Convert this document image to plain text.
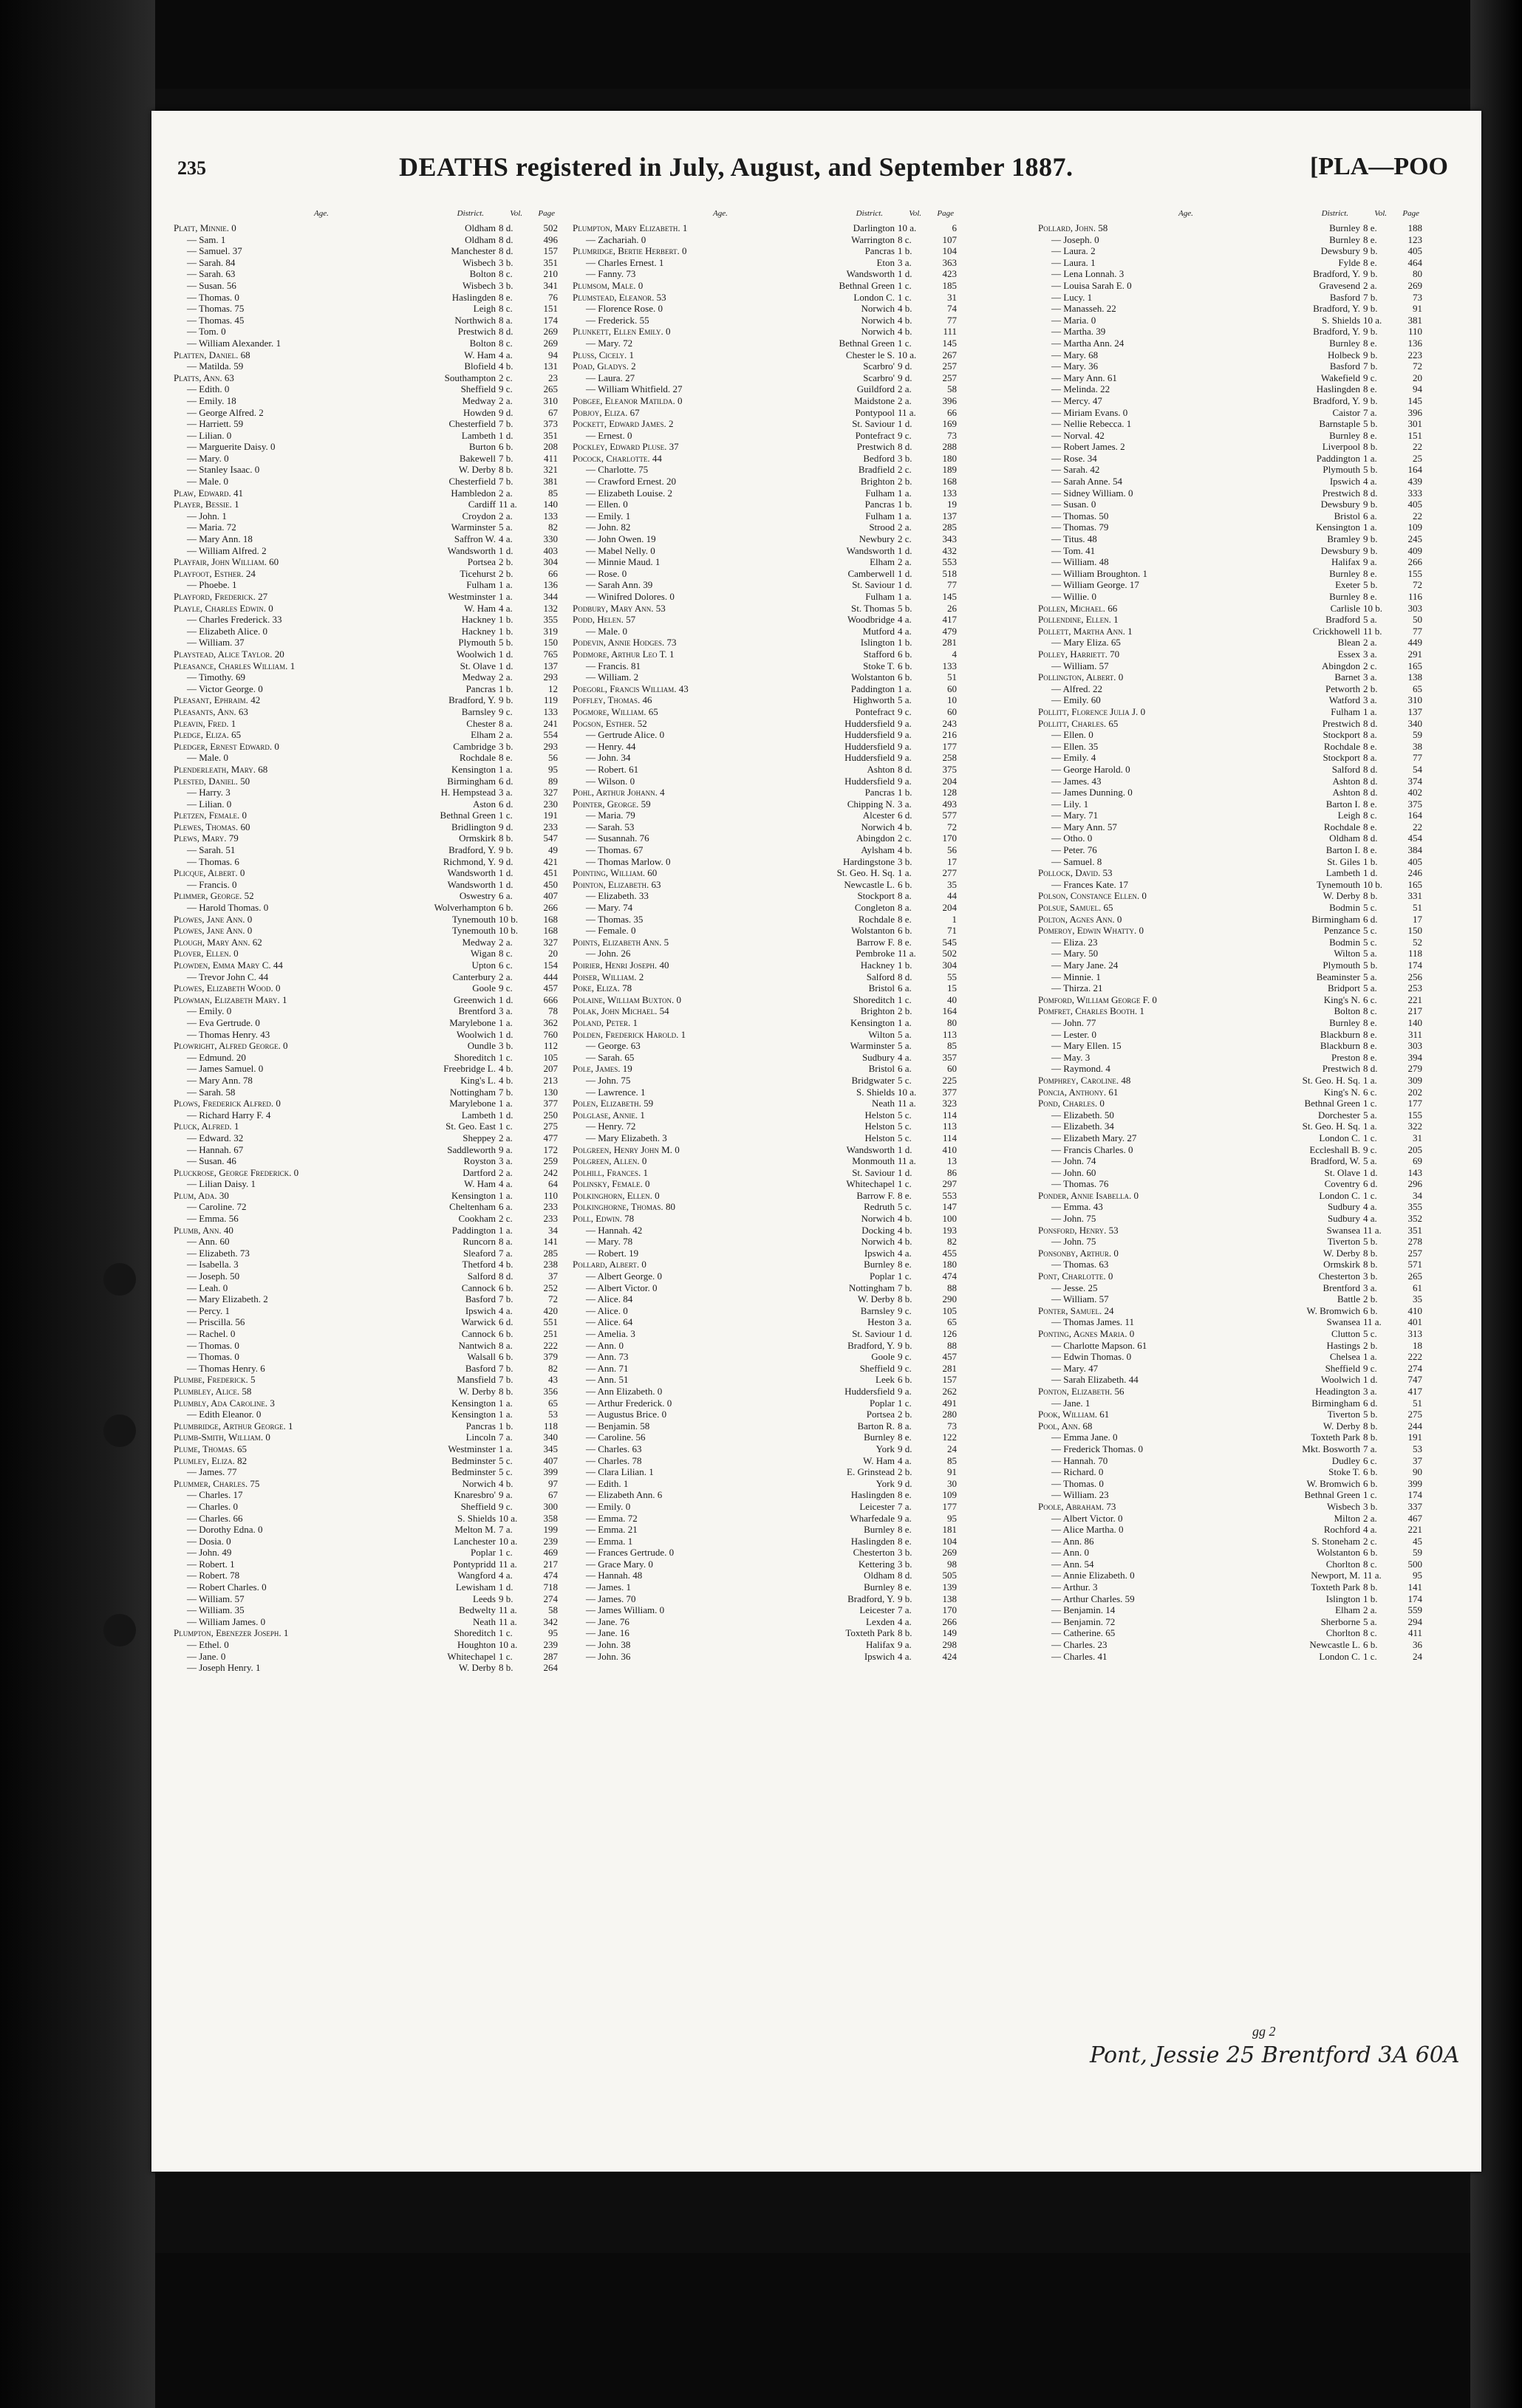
235	DEATHS registered in July, August, and September 1887.	[PLA—POO
Age.	District.	Vol. Page
Platt, Minnie. 0	Oldham 8 d.	502
— Sam. 1	Oldham 8 d.	496
— Samuel. 37	Manchester 8 d.	157
— Sarah. 84	Wisbech 3 b.	351
— Sarah. 63	Bolton 8 c.	210
— Susan. 56	Wisbech 3 b.	341
— Thomas. 0	Haslingden 8 e.	76
— Thomas. 75	Leigh 8 c.	151
— Thomas. 45	Northwich 8 a.	174
— Tom. 0	Prestwich 8 d.	269
— William Alexander. 1	Bolton 8 c.	269
Platten, Daniel. 68	W. Ham 4 a.	94
— Matilda. 59	Blofield 4 b.	131
Platts, Ann. 63	Southampton 2 c.	23
— Edith. 0	Sheffield 9 c.	265
— Emily. 18	Medway 2 a.	310
— George Alfred. 2	Howden 9 d.	67
— Harriett. 59	Chesterfield 7 b.	373
— Lilian. 0	Lambeth 1 d.	351
— Marguerite Daisy. 0	Burton 6 b.	208
— Mary. 0	Bakewell 7 b.	411
— Stanley Isaac. 0	W. Derby 8 b.	321
— Male. 0	Chesterfield 7 b.	381
Plaw, Edward. 41	Hambledon 2 a.	85
Player, Bessie. 1	Cardiff 11 a.	140
— John. 1	Croydon 2 a.	133
— Maria. 72	Warminster 5 a.	82
— Mary Ann. 18	Saffron W. 4 a.	330
— William Alfred. 2	Wandsworth 1 d.	403
Playfair, John William. 60	Portsea 2 b.	304
Playfoot, Esther. 24	Ticehurst 2 b.	66
— Phoebe. 1	Fulham 1 a.	136
Playford, Frederick. 27	Westminster 1 a.	344
Playle, Charles Edwin. 0	W. Ham 4 a.	132
— Charles Frederick. 33	Hackney 1 b.	355
— Elizabeth Alice. 0	Hackney 1 b.	319
— William. 37	Plymouth 5 b.	150
Playstead, Alice Taylor. 20	Woolwich 1 d.	765
Pleasance, Charles William. 1	St. Olave 1 d.	137
— Timothy. 69	Medway 2 a.	293
— Victor George. 0	Pancras 1 b.	12
Pleasant, Ephraim. 42	Bradford, Y. 9 b.	119
Pleasants, Ann. 63	Barnsley 9 c.	133
Pleavin, Fred. 1	Chester 8 a.	241
Pledge, Eliza. 65	Elham 2 a.	554
Pledger, Ernest Edward. 0	Cambridge 3 b.	293
— Male. 0	Rochdale 8 e.	56
Plenderleath, Mary. 68	Kensington 1 a.	95
Plested, Daniel. 50	Birmingham 6 d.	89
— Harry. 3	H. Hempstead 3 a.	327
— Lilian. 0	Aston 6 d.	230
Pletzen, Female. 0	Bethnal Green 1 c.	191
Plewes, Thomas. 60	Bridlington 9 d.	233
Plews, Mary. 79	Ormskirk 8 b.	547
— Sarah. 51	Bradford, Y. 9 b.	49
— Thomas. 6	Richmond, Y. 9 d.	421
Plicque, Albert. 0	Wandsworth 1 d.	451
— Francis. 0	Wandsworth 1 d.	450
Plimmer, George. 52	Oswestry 6 a.	407
— Harold Thomas. 0	Wolverhampton 6 b.	266
Plowes, Jane Ann. 0	Tynemouth 10 b.	168
Plowes, Jane Ann. 0	Tynemouth 10 b.	168
Plough, Mary Ann. 62	Medway 2 a.	327
Plover, Ellen. 0	Wigan 8 c.	20
Plowden, Emma Mary C. 44	Upton 6 c.	154
— Trevor John C. 44	Canterbury 2 a.	444
Plowes, Elizabeth Wood. 0	Goole 9 c.	457
Plowman, Elizabeth Mary. 1	Greenwich 1 d.	666
— Emily. 0	Brentford 3 a.	78
— Eva Gertrude. 0	Marylebone 1 a.	362
— Thomas Henry. 43	Woolwich 1 d.	760
Plowright, Alfred George. 0	Oundle 3 b.	112
— Edmund. 20	Shoreditch 1 c.	105
— James Samuel. 0	Freebridge L. 4 b.	207
— Mary Ann. 78	King's L. 4 b.	213
— Sarah. 58	Nottingham 7 b.	130
Plows, Frederick Alfred. 0	Marylebone 1 a.	377
— Richard Harry F. 4	Lambeth 1 d.	250
Pluck, Alfred. 1	St. Geo. East 1 c.	275
— Edward. 32	Sheppey 2 a.	477
— Hannah. 67	Saddleworth 9 a.	172
— Susan. 46	Royston 3 a.	259
Pluckrose, George Frederick. 0	Dartford 2 a.	242
— Lilian Daisy. 1	W. Ham 4 a.	64
Plum, Ada. 30	Kensington 1 a.	110
— Caroline. 72	Cheltenham 6 a.	233
— Emma. 56	Cookham 2 c.	233
Plumb, Ann. 40	Paddington 1 a.	34
— Ann. 60	Runcorn 8 a.	141
— Elizabeth. 73	Sleaford 7 a.	285
— Isabella. 3	Thetford 4 b.	238
— Joseph. 50	Salford 8 d.	37
— Leah. 0	Cannock 6 b.	252
— Mary Elizabeth. 2	Basford 7 b.	72
— Percy. 1	Ipswich 4 a.	420
— Priscilla. 56	Warwick 6 d.	551
— Rachel. 0	Cannock 6 b.	251
— Thomas. 0	Nantwich 8 a.	222
— Thomas. 0	Walsall 6 b.	379
— Thomas Henry. 6	Basford 7 b.	82
Plumbe, Frederick. 5	Mansfield 7 b.	43
Plumbley, Alice. 58	W. Derby 8 b.	356
Plumbly, Ada Caroline. 3	Kensington 1 a.	65
— Edith Eleanor. 0	Kensington 1 a.	53
Plumbridge, Arthur George. 1	Pancras 1 b.	118
Plumb-Smith, William. 0	Lincoln 7 a.	340
Plume, Thomas. 65	Westminster 1 a.	345
Plumley, Eliza. 82	Bedminster 5 c.	407
— James. 77	Bedminster 5 c.	399
Plummer, Charles. 75	Norwich 4 b.	97
— Charles. 17	Knaresbro' 9 a.	67
— Charles. 0	Sheffield 9 c.	300
— Charles. 66	S. Shields 10 a.	358
— Dorothy Edna. 0	Melton M. 7 a.	199
— Dosia. 0	Lanchester 10 a.	239
— John. 49	Poplar 1 c.	469
— Robert. 1	Pontypridd 11 a.	217
— Robert. 78	Wangford 4 a.	474
— Robert Charles. 0	Lewisham 1 d.	718
— William. 57	Leeds 9 b.	274
— William. 35	Bedwelty 11 a.	58
— William James. 0	Neath 11 a.	342
Plumpton, Ebenezer Joseph. 1	Shoreditch 1 c.	95
— Ethel. 0	Houghton 10 a.	239
— Jane. 0	Whitechapel 1 c.	287
— Joseph Henry. 1	W. Derby 8 b.	264
Age.	District.	Vol. Page
Plumpton, Mary Elizabeth. 1	Darlington 10 a.	6
— Zachariah. 0	Warrington 8 c.	107
Plumridge, Bertie Herbert. 0	Pancras 1 b.	104
— Charles Ernest. 1	Eton 3 a.	363
— Fanny. 73	Wandsworth 1 d.	423
Plumsom, Male. 0	Bethnal Green 1 c.	185
Plumstead, Eleanor. 53	London C. 1 c.	31
— Florence Rose. 0	Norwich 4 b.	74
— Frederick. 55	Norwich 4 b.	77
Plunkett, Ellen Emily. 0	Norwich 4 b.	111
— Mary. 72	Bethnal Green 1 c.	145
Pluss, Cicely. 1	Chester le S. 10 a.	267
Poad, Gladys. 2	Scarbro' 9 d.	257
— Laura. 27	Scarbro' 9 d.	257
— William Whitfield. 27	Guildford 2 a.	58
Pobgee, Eleanor Matilda. 0	Maidstone 2 a.	396
Pobjoy, Eliza. 67	Pontypool 11 a.	66
Pockett, Edward James. 2	St. Saviour 1 d.	169
— Ernest. 0	Pontefract 9 c.	73
Pockley, Edward Pluse. 37	Prestwich 8 d.	288
Pocock, Charlotte. 44	Bedford 3 b.	180
— Charlotte. 75	Bradfield 2 c.	189
— Crawford Ernest. 20	Brighton 2 b.	168
— Elizabeth Louise. 2	Fulham 1 a.	133
— Ellen. 0	Pancras 1 b.	19
— Emily. 1	Fulham 1 a.	137
— John. 82	Strood 2 a.	285
— John Owen. 19	Newbury 2 c.	343
— Mabel Nelly. 0	Wandsworth 1 d.	432
— Minnie Maud. 1	Elham 2 a.	553
— Rose. 0	Camberwell 1 d.	518
— Sarah Ann. 39	St. Saviour 1 d.	77
— Winifred Dolores. 0	Fulham 1 a.	145
Podbury, Mary Ann. 53	St. Thomas 5 b.	26
Podd, Helen. 57	Woodbridge 4 a.	417
— Male. 0	Mutford 4 a.	479
Podevin, Annie Hodges. 73	Islington 1 b.	281
Podmore, Arthur Leo T. 1	Stafford 6 b.	4
— Francis. 81	Stoke T. 6 b.	133
— William. 2	Wolstanton 6 b.	51
Poegorl, Francis William. 43	Paddington 1 a.	60
Poffley, Thomas. 46	Highworth 5 a.	10
Pogmore, William. 65	Pontefract 9 c.	60
Pogson, Esther. 52	Huddersfield 9 a.	243
— Gertrude Alice. 0	Huddersfield 9 a.	216
— Henry. 44	Huddersfield 9 a.	177
— John. 34	Huddersfield 9 a.	258
— Robert. 61	Ashton 8 d.	375
— Wilson. 0	Huddersfield 9 a.	204
Pohl, Arthur Johann. 4	Pancras 1 b.	128
Pointer, George. 59	Chipping N. 3 a.	493
— Maria. 79	Alcester 6 d.	577
— Sarah. 53	Norwich 4 b.	72
— Susannah. 76	Abingdon 2 c.	170
— Thomas. 67	Aylsham 4 b.	56
— Thomas Marlow. 0	Hardingstone 3 b.	17
Pointing, William. 60	St. Geo. H. Sq. 1 a.	277
Pointon, Elizabeth. 63	Newcastle L. 6 b.	35
— Elizabeth. 33	Stockport 8 a.	44
— Mary. 74	Congleton 8 a.	204
— Thomas. 35	Rochdale 8 e.	1
— Female. 0	Wolstanton 6 b.	71
Points, Elizabeth Ann. 5	Barrow F. 8 e.	545
— John. 26	Pembroke 11 a.	502
Poirier, Henri Joseph. 40	Hackney 1 b.	304
Poiser, William. 2	Salford 8 d.	55
Poke, Eliza. 78	Bristol 6 a.	15
Polaine, William Buxton. 0	Shoreditch 1 c.	40
Polak, John Michael. 54	Brighton 2 b.	164
Poland, Peter. 1	Kensington 1 a.	80
Polden, Frederick Harold. 1	Wilton 5 a.	113
— George. 63	Warminster 5 a.	85
— Sarah. 65	Sudbury 4 a.	357
Pole, James. 19	Bristol 6 a.	60
— John. 75	Bridgwater 5 c.	225
— Lawrence. 1	S. Shields 10 a.	377
Polen, Elizabeth. 59	Neath 11 a.	323
Polglase, Annie. 1	Helston 5 c.	114
— Henry. 72	Helston 5 c.	113
— Mary Elizabeth. 3	Helston 5 c.	114
Polgreen, Henry John M. 0	Wandsworth 1 d.	410
Polgreen, Allen. 0	Monmouth 11 a.	13
Polhill, Frances. 1	St. Saviour 1 d.	86
Polinsky, Female. 0	Whitechapel 1 c.	297
Polkinghorn, Ellen. 0	Barrow F. 8 e.	553
Polkinghorne, Thomas. 80	Redruth 5 c.	147
Poll, Edwin. 78	Norwich 4 b.	100
— Hannah. 42	Docking 4 b.	193
— Mary. 78	Norwich 4 b.	82
— Robert. 19	Ipswich 4 a.	455
Pollard, Albert. 0	Burnley 8 e.	180
— Albert George. 0	Poplar 1 c.	474
— Albert Victor. 0	Nottingham 7 b.	88
— Alice. 84	W. Derby 8 b.	290
— Alice. 0	Barnsley 9 c.	105
— Alice. 64	Heston 3 a.	65
— Amelia. 3	St. Saviour 1 d.	126
— Ann. 0	Bradford, Y. 9 b.	88
— Ann. 73	Goole 9 c.	457
— Ann. 71	Sheffield 9 c.	281
— Ann. 51	Leek 6 b.	157
— Ann Elizabeth. 0	Huddersfield 9 a.	262
— Arthur Frederick. 0	Poplar 1 c.	491
— Augustus Brice. 0	Portsea 2 b.	280
— Benjamin. 58	Barton R. 8 a.	73
— Caroline. 56	Burnley 8 e.	122
— Charles. 63	York 9 d.	24
— Charles. 78	W. Ham 4 a.	85
— Clara Lilian. 1	E. Grinstead 2 b.	91
— Edith. 1	York 9 d.	30
— Elizabeth Ann. 6	Haslingden 8 e.	109
— Emily. 0	Leicester 7 a.	177
— Emma. 72	Wharfedale 9 a.	95
— Emma. 21	Burnley 8 e.	181
— Emma. 1	Haslingden 8 e.	104
— Frances Gertrude. 0	Chesterton 3 b.	269
— Grace Mary. 0	Kettering 3 b.	98
— Hannah. 48	Oldham 8 d.	505
— James. 1	Burnley 8 e.	139
— James. 70	Bradford, Y. 9 b.	138
— James William. 0	Leicester 7 a.	170
— Jane. 76	Lexden 4 a.	266
— Jane. 16	Toxteth Park 8 b.	149
— John. 38	Halifax 9 a.	298
— John. 36	Ipswich 4 a.	424
Age.	District.	Vol. Page
Pollard, John. 58	Burnley 8 e.	188
— Joseph. 0	Burnley 8 e.	123
— Laura. 2	Dewsbury 9 b.	405
— Laura. 1	Fylde 8 e.	464
— Lena Lonnah. 3	Bradford, Y. 9 b.	80
— Louisa Sarah E. 0	Gravesend 2 a.	269
— Lucy. 1	Basford 7 b.	73
— Manasseh. 22	Bradford, Y. 9 b.	91
— Maria. 0	S. Shields 10 a.	381
— Martha. 39	Bradford, Y. 9 b.	110
— Martha Ann. 24	Burnley 8 e.	136
— Mary. 68	Holbeck 9 b.	223
— Mary. 36	Basford 7 b.	72
— Mary Ann. 61	Wakefield 9 c.	20
— Melinda. 22	Haslingden 8 e.	94
— Mercy. 47	Bradford, Y. 9 b.	145
— Miriam Evans. 0	Caistor 7 a.	396
— Nellie Rebecca. 1	Barnstaple 5 b.	301
— Norval. 42	Burnley 8 e.	151
— Robert James. 2	Liverpool 8 b.	22
— Rose. 34	Paddington 1 a.	25
— Sarah. 42	Plymouth 5 b.	164
— Sarah Anne. 54	Ipswich 4 a.	439
— Sidney William. 0	Prestwich 8 d.	333
— Susan. 0	Dewsbury 9 b.	405
— Thomas. 50	Bristol 6 a.	22
— Thomas. 79	Kensington 1 a.	109
— Titus. 48	Bramley 9 b.	245
— Tom. 41	Dewsbury 9 b.	409
— William. 48	Halifax 9 a.	266
— William Broughton. 1	Burnley 8 e.	155
— William George. 17	Exeter 5 b.	72
— Willie. 0	Burnley 8 e.	116
Pollen, Michael. 66	Carlisle 10 b.	303
Pollendine, Ellen. 1	Bradford 5 a.	50
Pollett, Martha Ann. 1	Crickhowell 11 b.	77
— Mary Eliza. 65	Blean 2 a.	449
Polley, Harriett. 70	Essex 3 a.	291
— William. 57	Abingdon 2 c.	165
Pollington, Albert. 0	Barnet 3 a.	138
— Alfred. 22	Petworth 2 b.	65
— Emily. 60	Watford 3 a.	310
Pollitt, Florence Julia J. 0	Fulham 1 a.	137
Pollitt, Charles. 65	Prestwich 8 d.	340
— Ellen. 0	Stockport 8 a.	59
— Ellen. 35	Rochdale 8 e.	38
— Emily. 4	Stockport 8 a.	77
— George Harold. 0	Salford 8 d.	54
— James. 43	Ashton 8 d.	374
— James Dunning. 0	Ashton 8 d.	402
— Lily. 1	Barton I. 8 e.	375
— Mary. 71	Leigh 8 c.	164
— Mary Ann. 57	Rochdale 8 e.	22
— Otho. 0	Oldham 8 d.	454
— Peter. 76	Barton I. 8 e.	384
— Samuel. 8	St. Giles 1 b.	405
Pollock, David. 53	Lambeth 1 d.	246
— Frances Kate. 17	Tynemouth 10 b.	165
Polson, Constance Ellen. 0	W. Derby 8 b.	331
Polsue, Samuel. 65	Bodmin 5 c.	51
Polton, Agnes Ann. 0	Birmingham 6 d.	17
Pomeroy, Edwin Whatty. 0	Penzance 5 c.	150
— Eliza. 23	Bodmin 5 c.	52
— Mary. 50	Wilton 5 a.	118
— Mary Jane. 24	Plymouth 5 b.	174
— Minnie. 1	Beaminster 5 a.	256
— Thirza. 21	Bridport 5 a.	253
Pomford, William George F. 0	King's N. 6 c.	221
Pomfret, Charles Booth. 1	Bolton 8 c.	217
— John. 77	Burnley 8 e.	140
— Lester. 0	Blackburn 8 e.	311
— Mary Ellen. 15	Blackburn 8 e.	303
— May. 3	Preston 8 e.	394
— Raymond. 4	Prestwich 8 d.	279
Pomphrey, Caroline. 48	St. Geo. H. Sq. 1 a.	309
Poncia, Anthony. 61	King's N. 6 c.	202
Pond, Charles. 0	Bethnal Green 1 c.	177
— Elizabeth. 50	Dorchester 5 a.	155
— Elizabeth. 34	St. Geo. H. Sq. 1 a.	322
— Elizabeth Mary. 27	London C. 1 c.	31
— Francis Charles. 0	Eccleshall B. 9 c.	205
— John. 74	Bradford, W. 5 a.	69
— John. 60	St. Olave 1 d.	143
— Thomas. 76	Coventry 6 d.	296
Ponder, Annie Isabella. 0	London C. 1 c.	34
— Emma. 43	Sudbury 4 a.	355
— John. 75	Sudbury 4 a.	352
Ponsford, Henry. 53	Swansea 11 a.	351
— John. 75	Tiverton 5 b.	278
Ponsonby, Arthur. 0	W. Derby 8 b.	257
— Thomas. 63	Ormskirk 8 b.	571
Pont, Charlotte. 0	Chesterton 3 b.	265
— Jesse. 25	Brentford 3 a.	61
— William. 57	Battle 2 b.	35
Ponter, Samuel. 24	W. Bromwich 6 b.	410
— Thomas James. 11	Swansea 11 a.	401
Ponting, Agnes Maria. 0	Clutton 5 c.	313
— Charlotte Mapson. 61	Hastings 2 b.	18
— Edwin Thomas. 0	Chelsea 1 a.	222
— Mary. 47	Sheffield 9 c.	274
— Sarah Elizabeth. 44	Woolwich 1 d.	747
Ponton, Elizabeth. 56	Headington 3 a.	417
— Jane. 1	Birmingham 6 d.	51
Pook, William. 61	Tiverton 5 b.	275
Pool, Ann. 68	W. Derby 8 b.	244
— Emma Jane. 0	Toxteth Park 8 b.	191
— Frederick Thomas. 0	Mkt. Bosworth 7 a.	53
— Hannah. 70	Dudley 6 c.	37
— Richard. 0	Stoke T. 6 b.	90
— Thomas. 0	W. Bromwich 6 b.	399
— William. 23	Bethnal Green 1 c.	174
Poole, Abraham. 73	Wisbech 3 b.	337
— Albert Victor. 0	Milton 2 a.	467
— Alice Martha. 0	Rochford 4 a.	221
— Ann. 86	S. Stoneham 2 c.	45
— Ann. 0	Wolstanton 6 b.	59
— Ann. 54	Chorlton 8 c.	500
— Annie Elizabeth. 0	Newport, M. 11 a.	95
— Arthur. 3	Toxteth Park 8 b.	141
— Arthur Charles. 59	Islington 1 b.	174
— Benjamin. 14	Elham 2 a.	559
— Benjamin. 72	Sherborne 5 a.	294
— Catherine. 65	Chorlton 8 c.	411
— Charles. 23	Newcastle L. 6 b.	36
— Charles. 41	London C. 1 c.	24
gg 2
Pont, Jessie 25 Brentford 3A 60A
